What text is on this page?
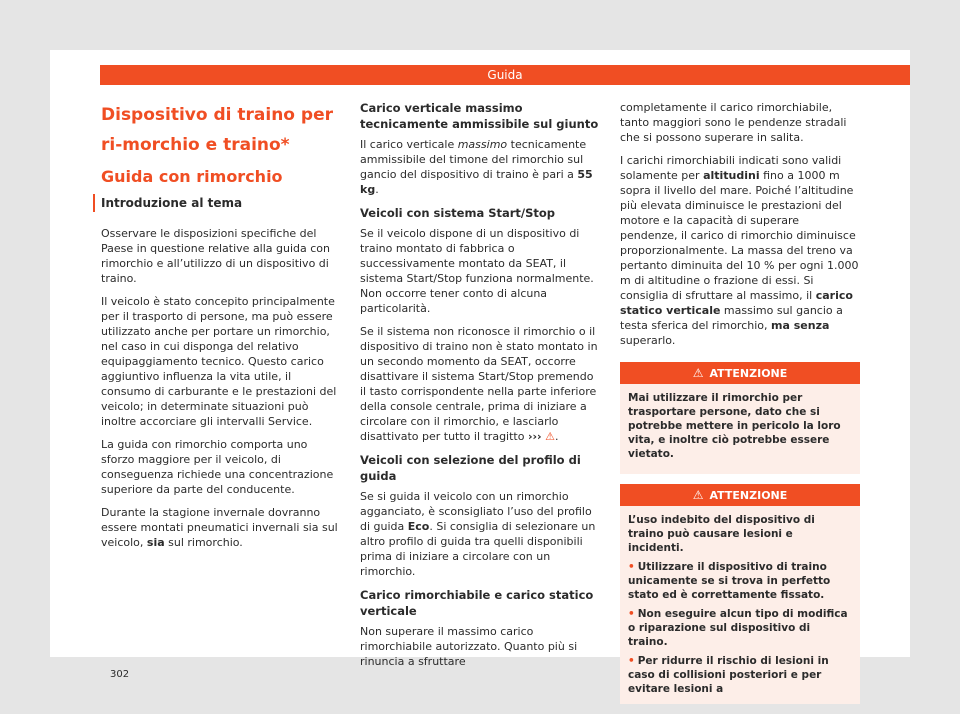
Guida
Dispositivo di traino per ri-morchio e traino*
Guida con rimorchio
Introduzione al tema

Osservare le disposizioni specifiche del Paese in questione relative alla guida con rimorchio e all’utilizzo di un dispositivo di traino.

Il veicolo è stato concepito principalmente per il trasporto di persone, ma può essere utilizzato anche per portare un rimorchio, nel caso in cui disponga del relativo equipaggiamento tecnico. Questo carico aggiuntivo influenza la vita utile, il consumo di carburante e le prestazioni del veicolo; in determinate situazioni può inoltre accorciare gli intervalli Service.

La guida con rimorchio comporta uno sforzo maggiore per il veicolo, di conseguenza richiede una concentrazione superiore da parte del conducente.

Durante la stagione invernale dovranno essere montati pneumatici invernali sia sul veicolo, sia sul rimorchio.

Carico verticale massimo tecnicamente ammissibile sul giunto

Il carico verticale massimo tecnicamente ammissibile del timone del rimorchio sul gancio del dispositivo di traino è pari a 55 kg.

Veicoli con sistema Start/Stop

Se il veicolo dispone di un dispositivo di traino montato di fabbrica o successivamente montato da SEAT, il sistema Start/Stop funziona normalmente. Non occorre tener conto di alcuna particolarità.

Se il sistema non riconosce il rimorchio o il dispositivo di traino non è stato montato in un secondo momento da SEAT, occorre disattivare il sistema Start/Stop premendo il tasto corrispondente nella parte inferiore della console centrale, prima di iniziare a circolare con il rimorchio, e lasciarlo disattivato per tutto il tragitto ››› ⚠.

Veicoli con selezione del profilo di guida

Se si guida il veicolo con un rimorchio agganciato, è sconsigliato l’uso del profilo di guida Eco. Si consiglia di selezionare un altro profilo di guida tra quelli disponibili prima di iniziare a circolare con un rimorchio.

Carico rimorchiabile e carico statico verticale

Non superare il massimo carico rimorchiabile autorizzato. Quanto più si rinuncia a sfruttare

completamente il carico rimorchiabile, tanto maggiori sono le pendenze stradali che si possono superare in salita.

I carichi rimorchiabili indicati sono validi solamente per altitudini fino a 1000 m sopra il livello del mare. Poiché l’altitudine più elevata diminuisce le prestazioni del motore e la capacità di superare pendenze, il carico di rimorchio diminuisce proporzionalmente. La massa del treno va pertanto diminuita del 10 % per ogni 1.000 m di altitudine o frazione di essi. Si consiglia di sfruttare al massimo, il carico statico verticale massimo sul gancio a testa sferica del rimorchio, ma senza superarlo.

⚠ ATTENZIONE

Mai utilizzare il rimorchio per trasportare persone, dato che si potrebbe mettere in pericolo la loro vita, e inoltre ciò potrebbe essere vietato.

⚠ ATTENZIONE

L’uso indebito del dispositivo di traino può causare lesioni e incidenti.

• Utilizzare il dispositivo di traino unicamente se si trova in perfetto stato ed è correttamente fissato.

• Non eseguire alcun tipo di modifica o riparazione sul dispositivo di traino.

• Per ridurre il rischio di lesioni in caso di collisioni posteriori e per evitare lesioni a

302
